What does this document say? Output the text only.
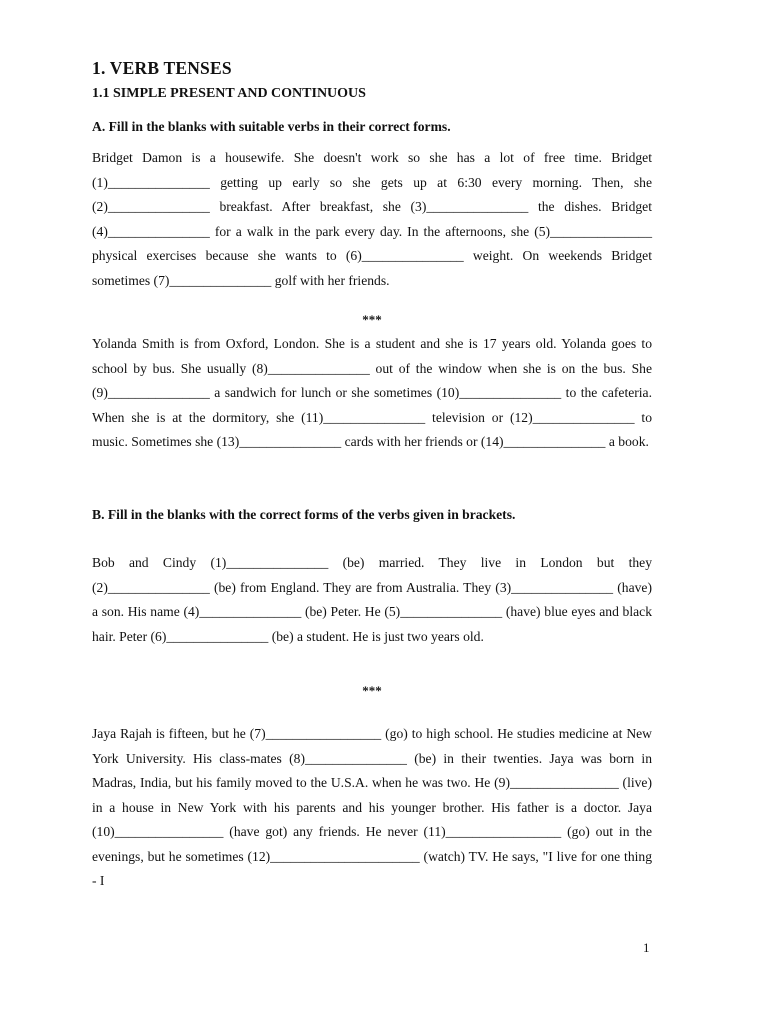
1. VERB TENSES

1.1 SIMPLE PRESENT AND CONTINUOUS

A. Fill in the blanks with suitable verbs in their correct forms.

Bridget Damon is a housewife. She doesn't work so she has a lot of free time. Bridget (1)_______________ getting up early so she gets up at 6:30 every morning. Then, she (2)_______________ breakfast. After breakfast, she (3)_______________ the dishes. Bridget (4)_______________ for a walk in the park every day. In the afternoons, she (5)_______________ physical exercises because she wants to (6)_______________ weight. On weekends Bridget sometimes (7)_______________ golf with her friends.

***

Yolanda Smith is from Oxford, London. She is a student and she is 17 years old. Yolanda goes to school by bus. She usually (8)_______________ out of the window when she is on the bus. She (9)_______________ a sandwich for lunch or she sometimes (10)_______________ to the cafeteria. When she is at the dormitory, she (11)_______________ television or (12)_______________ to music. Sometimes she (13)_______________ cards with her friends or (14)_______________ a book.

B. Fill in the blanks with the correct forms of the verbs given in brackets.

Bob and Cindy (1)_______________ (be) married. They live in London but they (2)_______________ (be) from England. They are from Australia. They (3)_______________ (have) a son. His name (4)_______________ (be) Peter. He (5)_______________ (have) blue eyes and black hair. Peter (6)_______________ (be) a student. He is just two years old.

***

Jaya Rajah is fifteen, but he (7)_________________ (go) to high school. He studies medicine at New York University. His class-mates (8)_______________ (be) in their twenties. Jaya was born in Madras, India, but his family moved to the U.S.A. when he was two. He (9)________________ (live) in a house in New York with his parents and his younger brother. His father is a doctor. Jaya (10)________________ (have got) any friends. He never (11)_________________ (go) out in the evenings, but he sometimes (12)______________________ (watch) TV. He says, "I live for one thing - I

1
